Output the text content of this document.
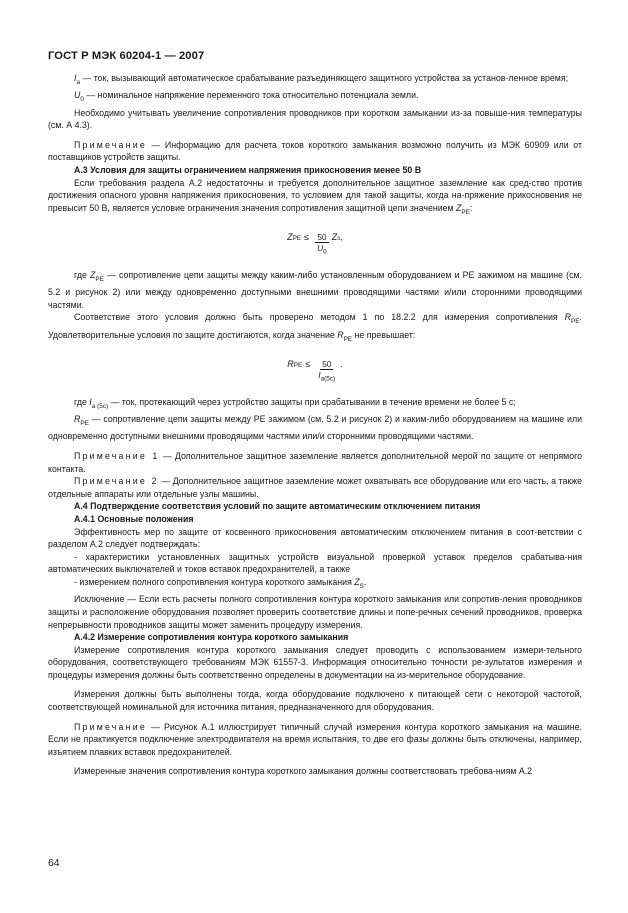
ГОСТ Р МЭК 60204-1 — 2007

$I_a$ — ток, вызывающий автоматическое срабатывание разъединяющего защитного устройства за установ-ленное время;

$U_0$ — номинальное напряжение переменного тока относительно потенциала земли.

Необходимо учитывать увеличение сопротивления проводников при коротком замыкании из-за повыше-ния температуры (см. А 4.3).

Примечание — Информацию для расчета токов короткого замыкания возможно получить из МЭК 60909 или от поставщиков устройств защиты.

А.3 Условия для защиты ограничением напряжения прикосновения менее 50 В

Если требования раздела А.2 недостаточны и требуется дополнительное защитное заземление как сред-ство против достижения опасного уровня напряжения прикосновения, то условием для такой защиты, когда на-пряжение прикосновения не превысит 50 В, является условие ограничения значения сопротивления защитной цепи значением $Z_{PE}$:

Z PE ≤ $\frac{50}{U_0}$ Z s ,

где $Z_{PE}$ — сопротивление цепи защиты между каким-либо установленным оборудованием и РЕ зажимом на машине (см. 5.2 и рисунок 2) или между одновременно доступными внешними проводящими частями и/или сторонними проводящими частями.

Соответствие этого условия должно быть проверено методом 1 по 18.2.2 для измерения сопротивления $R_{PE}$. Удовлетворительные условия по защите достигаются, когда значение $R_{PE}$ не превышает:

R PE ≤ $\frac{50}{I_{a(5c)}}$ .

где $I_{a (5c)}$ — ток, протекающий через устройство защиты при срабатывании в течение времени не более 5 с;

$R_{PE}$ — сопротивление цепи защиты между РЕ зажимом (см. 5.2 и рисунок 2) и каким-либо оборудованием на машине или одновременно доступными внешними проводящими частями или/и сторонними проводящими частями.

Примечание 1 — Дополнительное защитное заземление является дополнительной мерой по защите от непрямого контакта.

Примечание 2 — Дополнительное защитное заземление может охватывать все оборудование или его часть, а также отдельные аппараты или отдельные узлы машины.

А.4 Подтверждение соответствия условий по защите автоматическим отключением питания

А.4.1 Основные положения

Эффективность мер по защите от косвенного прикосновения автоматическим отключением питания в соот-ветствии с разделом А.2 следует подтверждать:

- характеристики установленных защитных устройств визуальной проверкой уставок пределов срабатыва-ния автоматических выключателей и токов вставок предохранителей, а также

- измерением полного сопротивления контура короткого замыкания $Z_S$.

Исключение — Если есть расчеты полного сопротивления контура короткого замыкания или сопротив-ления проводников защиты и расположение оборудования позволяет проверить соответствие длины и попе-речных сечений проводников, проверка непрерывности проводников защиты может заменить процедуру измерения.

А.4.2 Измерение сопротивления контура короткого замыкания

Измерение сопротивления контура короткого замыкания следует проводить с использованием измери-тельного оборудования, соответствующего требованиям МЭК 61557-3. Информация относительно точности ре-зультатов измерения и процедуры измерения должны быть соответственно определены в документации на из-мерительное оборудование.

Измерения должны быть выполнены тогда, когда оборудование подключено к питающей сети с некоторой частотой, соответствующей номинальной для источника питания, предназначенного для оборудования.

Примечание — Рисунок А.1 иллюстрирует типичный случай измерения контура короткого замыкания на машине. Если не практикуется подключение электродвигателя на время испытания, то две его фазы должны быть отключены, например, изъятием плавких вставок предохранителей.

Измеренные значения сопротивления контура короткого замыкания должны соответствовать требова-ниям А.2

64
